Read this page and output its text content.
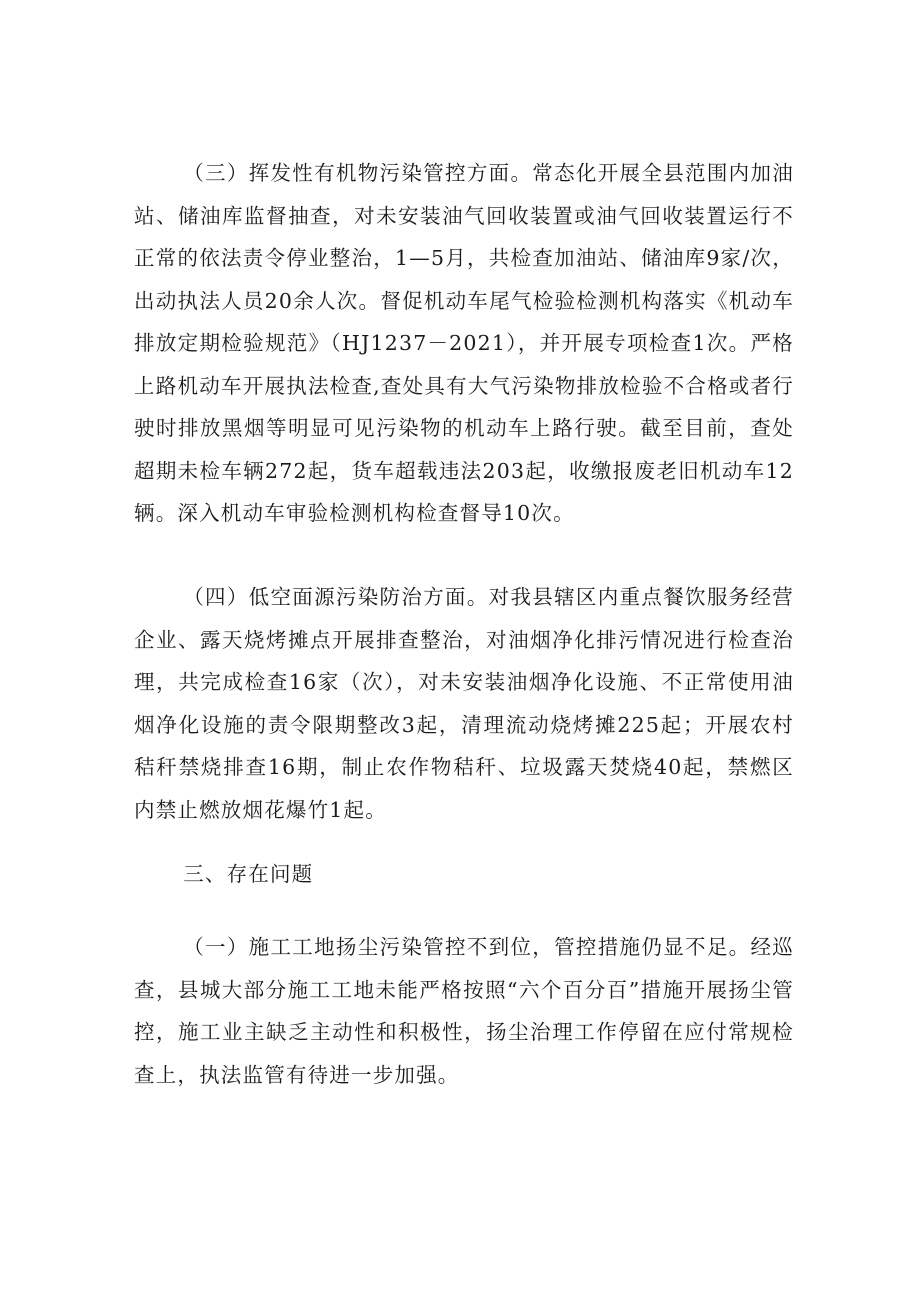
（三）挥发性有机物污染管控方面。常态化开展全县范围内加油站、储油库监督抽查，对未安装油气回收装置或油气回收装置运行不正常的依法责令停业整治，1—5月，共检查加油站、储油库9家/次，出动执法人员20余人次。督促机动车尾气检验检测机构落实《机动车排放定期检验规范》（HJ1237－2021），并开展专项检查1次。严格上路机动车开展执法检查,查处具有大气污染物排放检验不合格或者行驶时排放黑烟等明显可见污染物的机动车上路行驶。截至目前，查处超期未检车辆272起，货车超载违法203起，收缴报废老旧机动车12辆。深入机动车审验检测机构检查督导10次。

（四）低空面源污染防治方面。对我县辖区内重点餐饮服务经营企业、露天烧烤摊点开展排查整治，对油烟净化排污情况进行检查治理，共完成检查16家（次），对未安装油烟净化设施、不正常使用油烟净化设施的责令限期整改3起，清理流动烧烤摊225起；开展农村秸秆禁烧排查16期，制止农作物秸秆、垃圾露天焚烧40起，禁燃区内禁止燃放烟花爆竹1起。

三、存在问题

（一）施工工地扬尘污染管控不到位，管控措施仍显不足。经巡查，县城大部分施工工地未能严格按照“六个百分百”措施开展扬尘管控，施工业主缺乏主动性和积极性，扬尘治理工作停留在应付常规检查上，执法监管有待进一步加强。
